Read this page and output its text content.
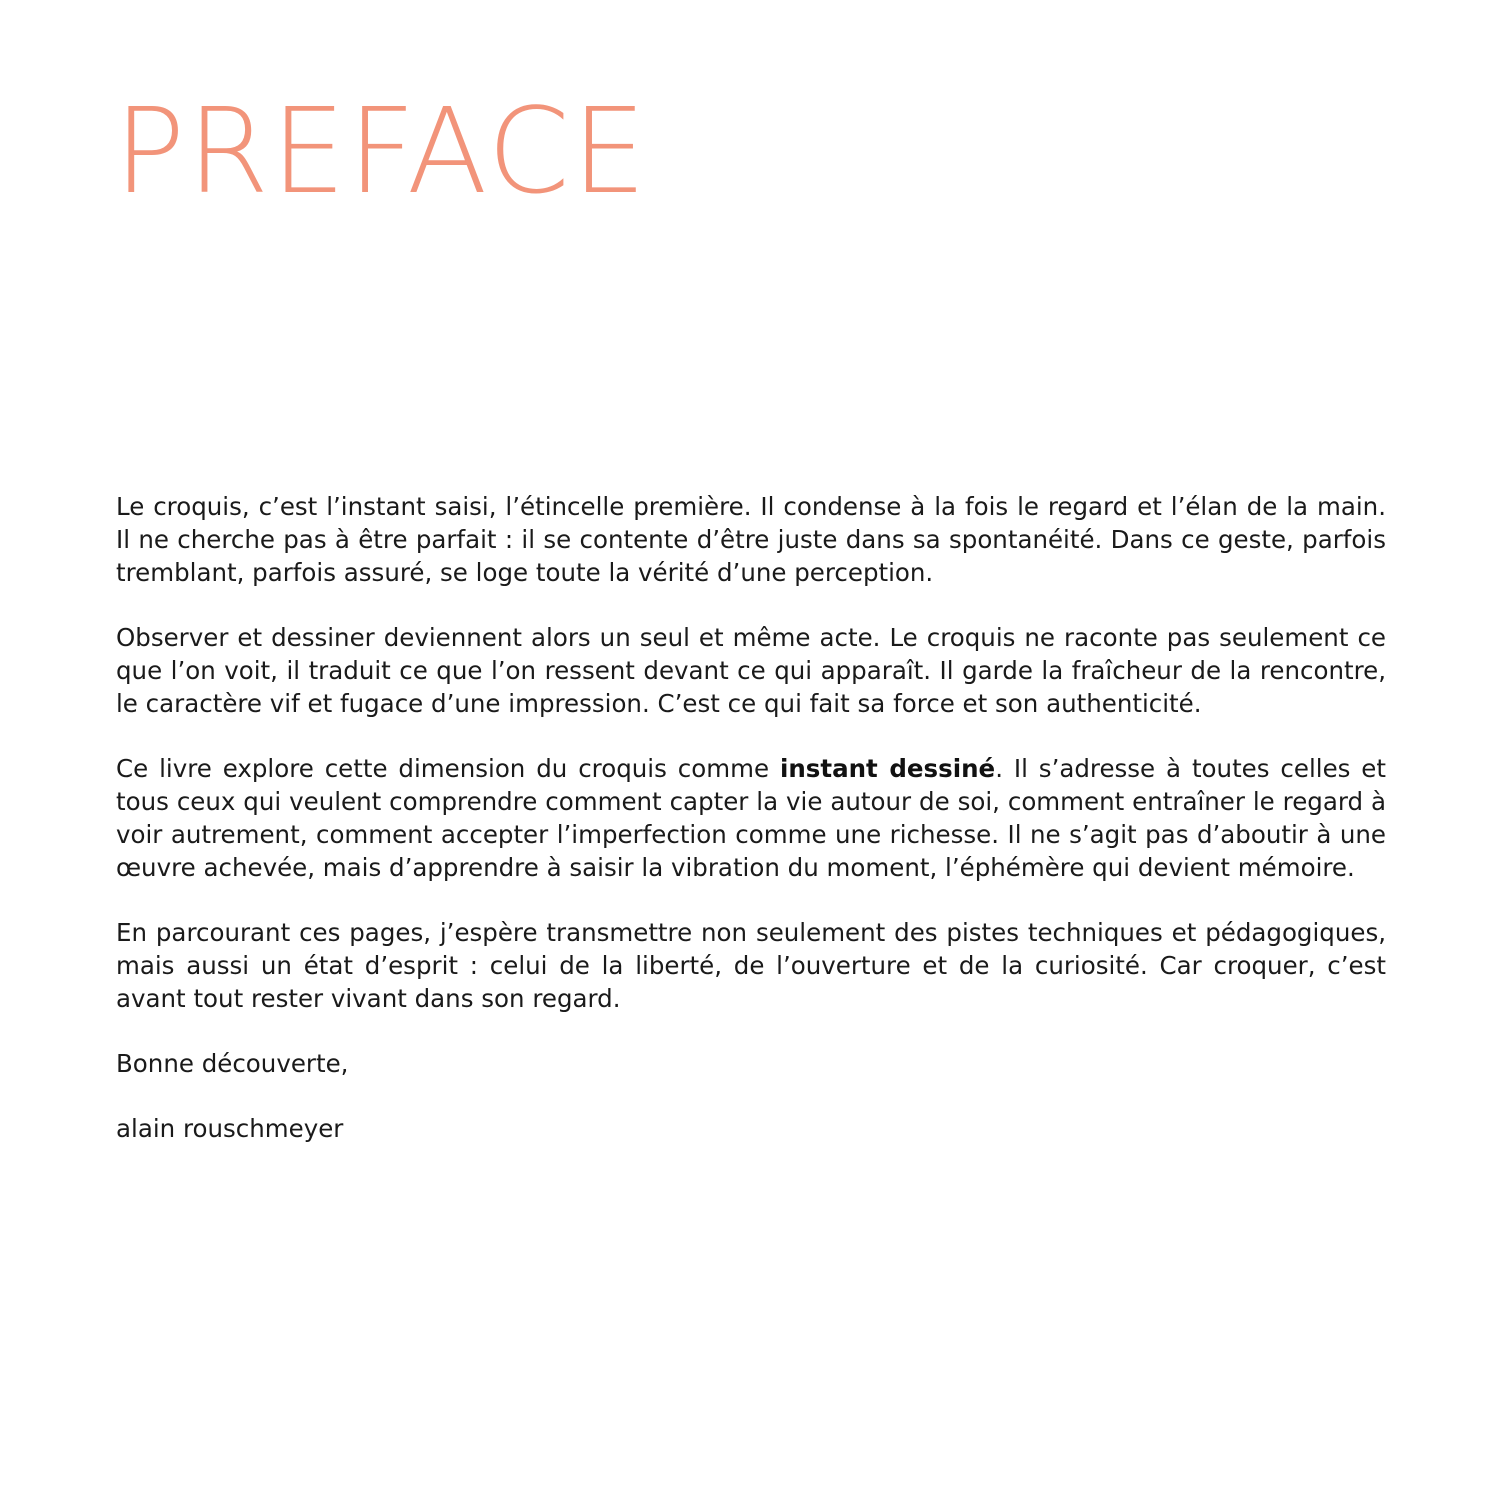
PREFACE

Le croquis, c’est l’instant saisi, l’étincelle première. Il condense à la fois le regard et l’élan de la main. Il ne cherche pas à être parfait : il se contente d’être juste dans sa spontanéité. Dans ce geste, parfois tremblant, parfois assuré, se loge toute la vérité d’une perception.

Observer et dessiner deviennent alors un seul et même acte. Le croquis ne raconte pas seulement ce que l’on voit, il traduit ce que l’on ressent devant ce qui apparaît. Il garde la fraîcheur de la rencontre, le caractère vif et fugace d’une impression. C’est ce qui fait sa force et son authenticité.

Ce livre explore cette dimension du croquis comme instant dessiné. Il s’adresse à toutes celles et tous ceux qui veulent comprendre comment capter la vie autour de soi, comment entraîner le regard à voir autrement, comment accepter l’imperfection comme une richesse. Il ne s’agit pas d’aboutir à une œuvre achevée, mais d’apprendre à saisir la vibration du moment, l’éphémère qui devient mémoire.

En parcourant ces pages, j’espère transmettre non seulement des pistes techniques et pédagogiques, mais aussi un état d’esprit : celui de la liberté, de l’ouverture et de la curiosité. Car croquer, c’est avant tout rester vivant dans son regard.

Bonne découverte,

alain rouschmeyer
